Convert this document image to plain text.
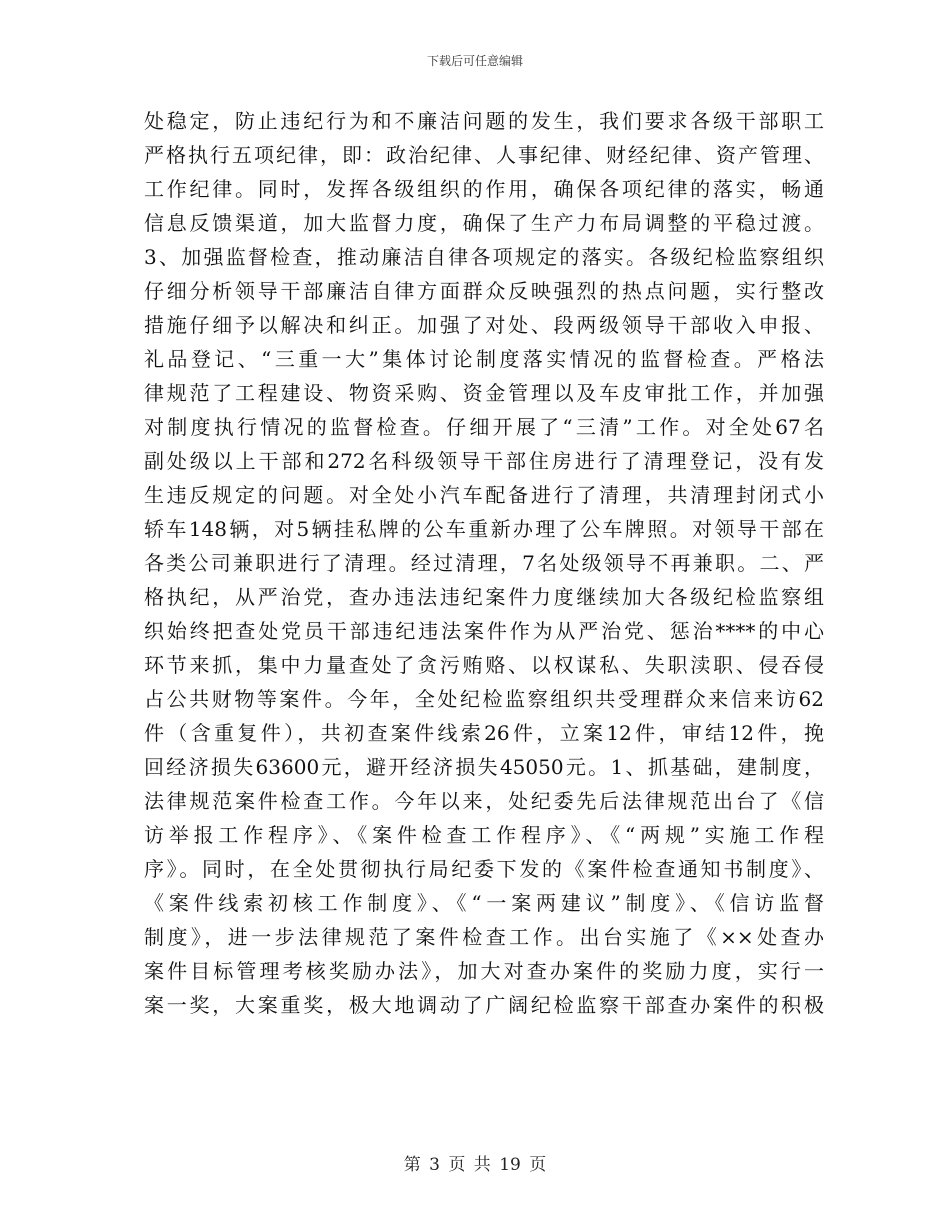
下载后可任意编辑
处稳定，防止违纪行为和不廉洁问题的发生，我们要求各级干部职工
严格执行五项纪律，即：政治纪律、人事纪律、财经纪律、资产管理、
工作纪律。同时，发挥各级组织的作用，确保各项纪律的落实，畅通
信息反馈渠道，加大监督力度，确保了生产力布局调整的平稳过渡。
3、加强监督检查，推动廉洁自律各项规定的落实。各级纪检监察组织
仔细分析领导干部廉洁自律方面群众反映强烈的热点问题，实行整改
措施仔细予以解决和纠正。加强了对处、段两级领导干部收入申报、
礼品登记、“三重一大”集体讨论制度落实情况的监督检查。严格法
律规范了工程建设、物资采购、资金管理以及车皮审批工作，并加强
对制度执行情况的监督检查。仔细开展了“三清”工作。对全处67名
副处级以上干部和272名科级领导干部住房进行了清理登记，没有发
生违反规定的问题。对全处小汽车配备进行了清理，共清理封闭式小
轿车148辆，对5辆挂私牌的公车重新办理了公车牌照。对领导干部在
各类公司兼职进行了清理。经过清理，7名处级领导不再兼职。二、严
格执纪，从严治党，查办违法违纪案件力度继续加大各级纪检监察组
织始终把查处党员干部违纪违法案件作为从严治党、惩治****的中心
环节来抓，集中力量查处了贪污贿赂、以权谋私、失职渎职、侵吞侵
占公共财物等案件。今年，全处纪检监察组织共受理群众来信来访62
件（含重复件），共初查案件线索26件，立案12件，审结12件，挽
回经济损失63600元，避开经济损失45050元。1、抓基础，建制度，
法律规范案件检查工作。今年以来，处纪委先后法律规范出台了《信
访举报工作程序》、《案件检查工作程序》、《“两规”实施工作程
序》。同时，在全处贯彻执行局纪委下发的《案件检查通知书制度》、
《案件线索初核工作制度》、《“一案两建议”制度》、《信访监督
制度》，进一步法律规范了案件检查工作。出台实施了《××处查办
案件目标管理考核奖励办法》，加大对查办案件的奖励力度，实行一
案一奖，大案重奖，极大地调动了广阔纪检监察干部查办案件的积极
第 3 页 共 19 页
